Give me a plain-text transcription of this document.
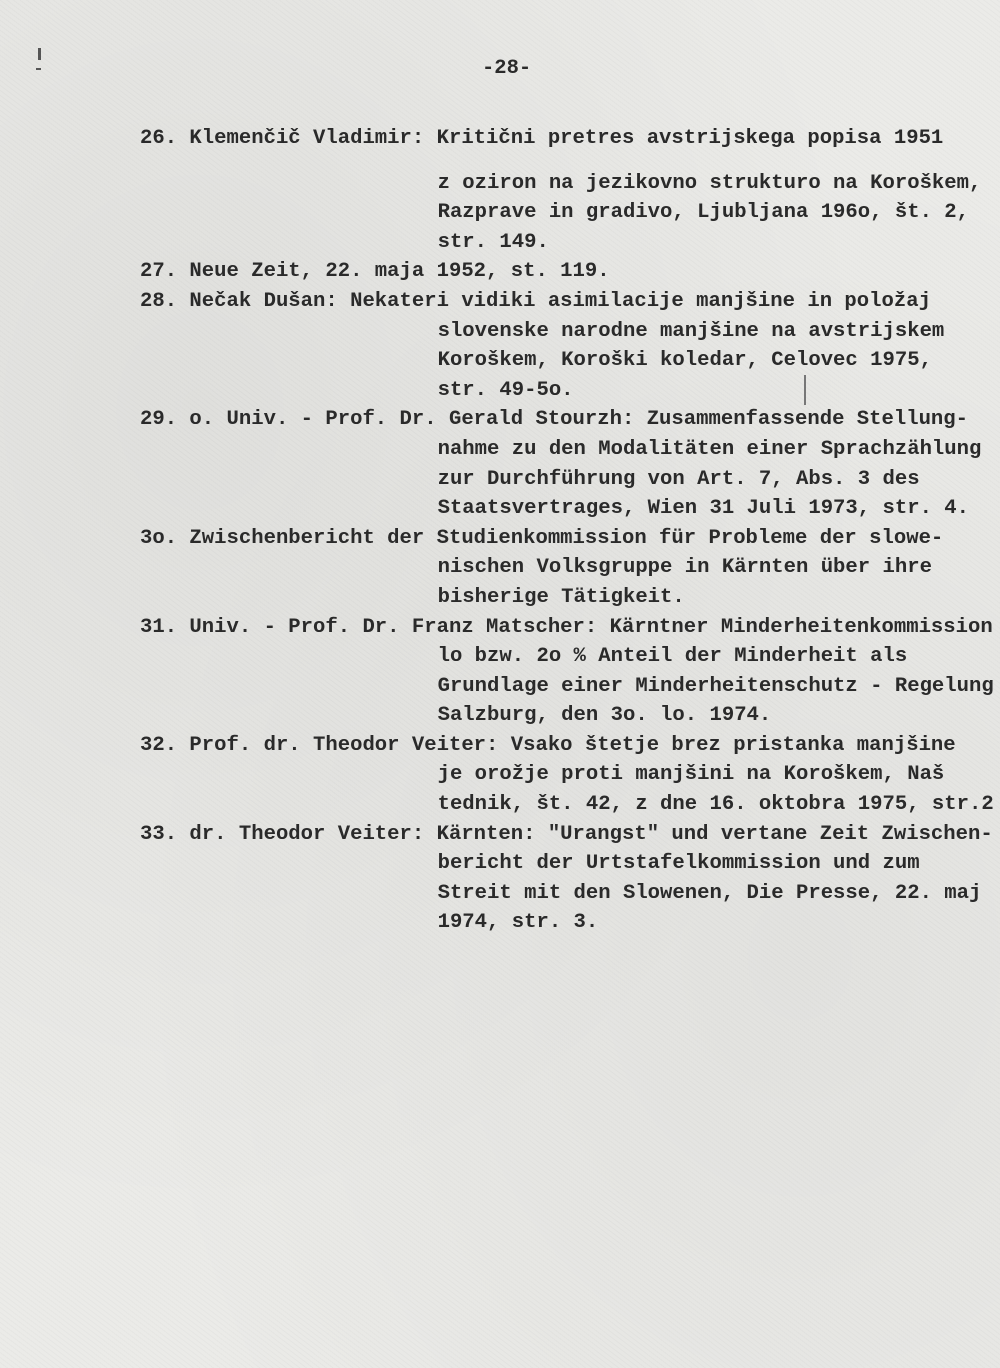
-28-
26. Klemenčič Vladimir: Kritični pretres avstrijskega popisa 1951
z oziron na jezikovno strukturo na Koroškem,
Razprave in gradivo, Ljubljana 196o, št. 2,
str. 149.
27. Neue Zeit, 22. maja 1952, st. 119.
28. Nečak Dušan: Nekateri vidiki asimilacije manjšine in položaj
slovenske narodne manjšine na avstrijskem
Koroškem, Koroški koledar, Celovec 1975,
str. 49-5o.
29. o. Univ. - Prof. Dr. Gerald Stourzh: Zusammenfassende Stellung-
nahme zu den Modalitäten einer Sprachzählung
zur Durchführung von Art. 7, Abs. 3 des
Staatsvertrages, Wien 31 Juli 1973, str. 4.
3o. Zwischenbericht der Studienkommission für Probleme der slowe-
nischen Volksgruppe in Kärnten über ihre
bisherige Tätigkeit.
31. Univ. - Prof. Dr. Franz Matscher: Kärntner Minderheitenkommission
lo bzw. 2o % Anteil der Minderheit als
Grundlage einer Minderheitenschutz - Regelung
Salzburg, den 3o. lo. 1974.
32. Prof. dr. Theodor Veiter: Vsako štetje brez pristanka manjšine
je orožje proti manjšini na Koroškem, Naš
tednik, št. 42, z dne 16. oktobra 1975, str.2
33. dr. Theodor Veiter: Kärnten: "Urangst" und vertane Zeit Zwischen-
bericht der Urtstafelkommission und zum
Streit mit den Slowenen, Die Presse, 22. maj
1974, str. 3.
